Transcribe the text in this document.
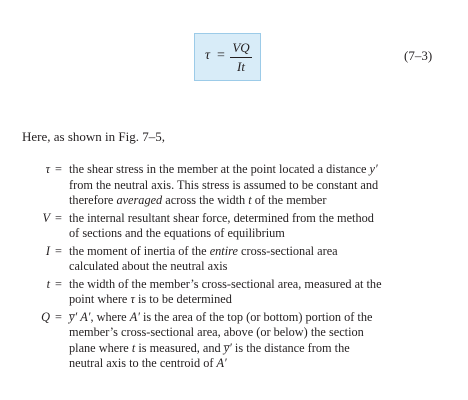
$\tau = \frac{VQ}{It}$	(7–3)
Here, as shown in Fig. 7–5,
τ = the shear stress in the member at the point located a distance y′
from the neutral axis. This stress is assumed to be constant and
therefore averaged across the width t of the member
V = the internal resultant shear force, determined from the method
of sections and the equations of equilibrium
I = the moment of inertia of the entire cross-sectional area
calculated about the neutral axis
t = the width of the member’s cross-sectional area, measured at the
point where τ is to be determined
Q = y̅′ A′, where A′ is the area of the top (or bottom) portion of the
member’s cross-sectional area, above (or below) the section
plane where t is measured, and y̅′ is the distance from the
neutral axis to the centroid of A′
